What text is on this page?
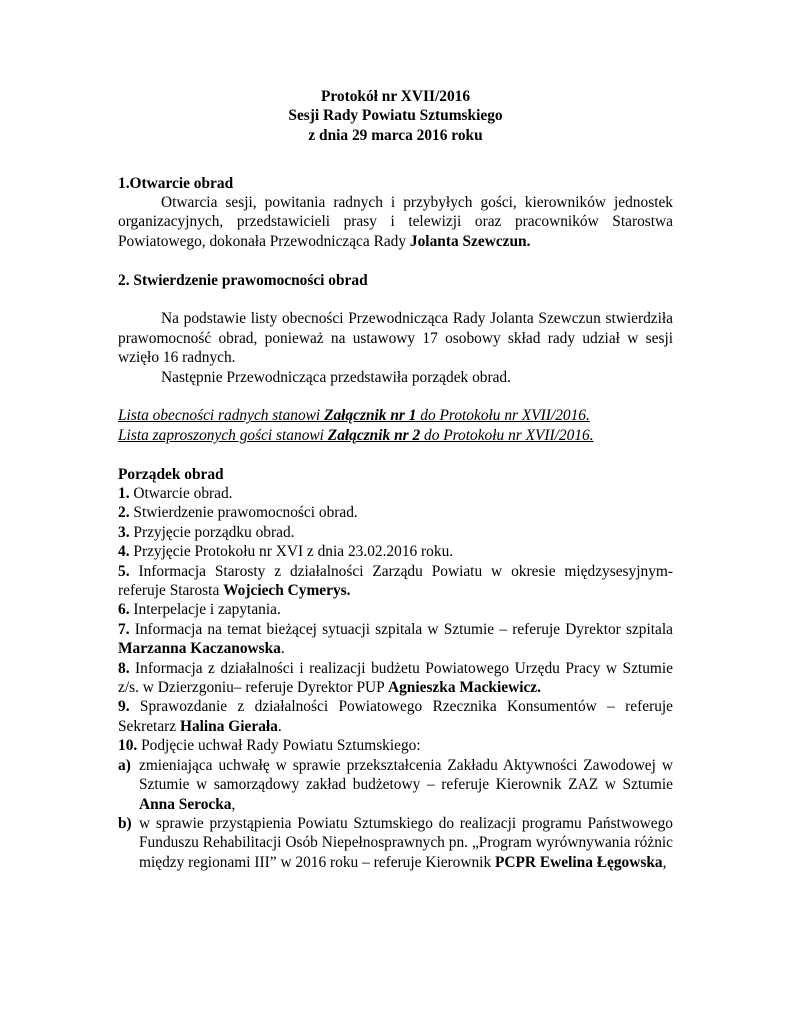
Protokół nr XVII/2016
Sesji Rady Powiatu Sztumskiego
z dnia 29 marca 2016 roku
1.Otwarcie obrad
Otwarcia sesji, powitania radnych i przybyłych gości, kierowników jednostek organizacyjnych, przedstawicieli prasy i telewizji oraz pracowników Starostwa Powiatowego, dokonała Przewodnicząca Rady Jolanta Szewczun.
2. Stwierdzenie prawomocności obrad
Na podstawie listy obecności Przewodnicząca Rady Jolanta Szewczun stwierdziła prawomocność obrad, ponieważ na ustawowy 17 osobowy skład rady udział w sesji wzięło 16 radnych.
Następnie Przewodnicząca przedstawiła porządek obrad.
Lista obecności radnych stanowi Załącznik nr 1 do Protokołu nr XVII/2016.
Lista zaproszonych gości stanowi Załącznik nr 2 do Protokołu nr XVII/2016.
Porządek obrad
1. Otwarcie obrad.
2. Stwierdzenie prawomocności obrad.
3. Przyjęcie porządku obrad.
4. Przyjęcie Protokołu nr XVI z dnia 23.02.2016 roku.
5. Informacja Starosty z działalności Zarządu Powiatu w okresie międzysesyjnym- referuje Starosta Wojciech Cymerys.
6. Interpelacje i zapytania.
7. Informacja na temat bieżącej sytuacji szpitala w Sztumie – referuje Dyrektor szpitala Marzanna Kaczanowska.
8. Informacja z działalności i realizacji budżetu Powiatowego Urzędu Pracy w Sztumie z/s. w Dzierzgoniu– referuje Dyrektor PUP Agnieszka Mackiewicz.
9. Sprawozdanie z działalności Powiatowego Rzecznika Konsumentów – referuje Sekretarz Halina Gierała.
10. Podjęcie uchwał Rady Powiatu Sztumskiego:
a) zmieniająca uchwałę w sprawie przekształcenia Zakładu Aktywności Zawodowej w Sztumie w samorządowy zakład budżetowy – referuje Kierownik ZAZ w Sztumie Anna Serocka,
b) w sprawie przystąpienia Powiatu Sztumskiego do realizacji programu Państwowego Funduszu Rehabilitacji Osób Niepełnosprawnych pn. „Program wyrównywania różnic między regionami III” w 2016 roku – referuje Kierownik PCPR Ewelina Łęgowska,
